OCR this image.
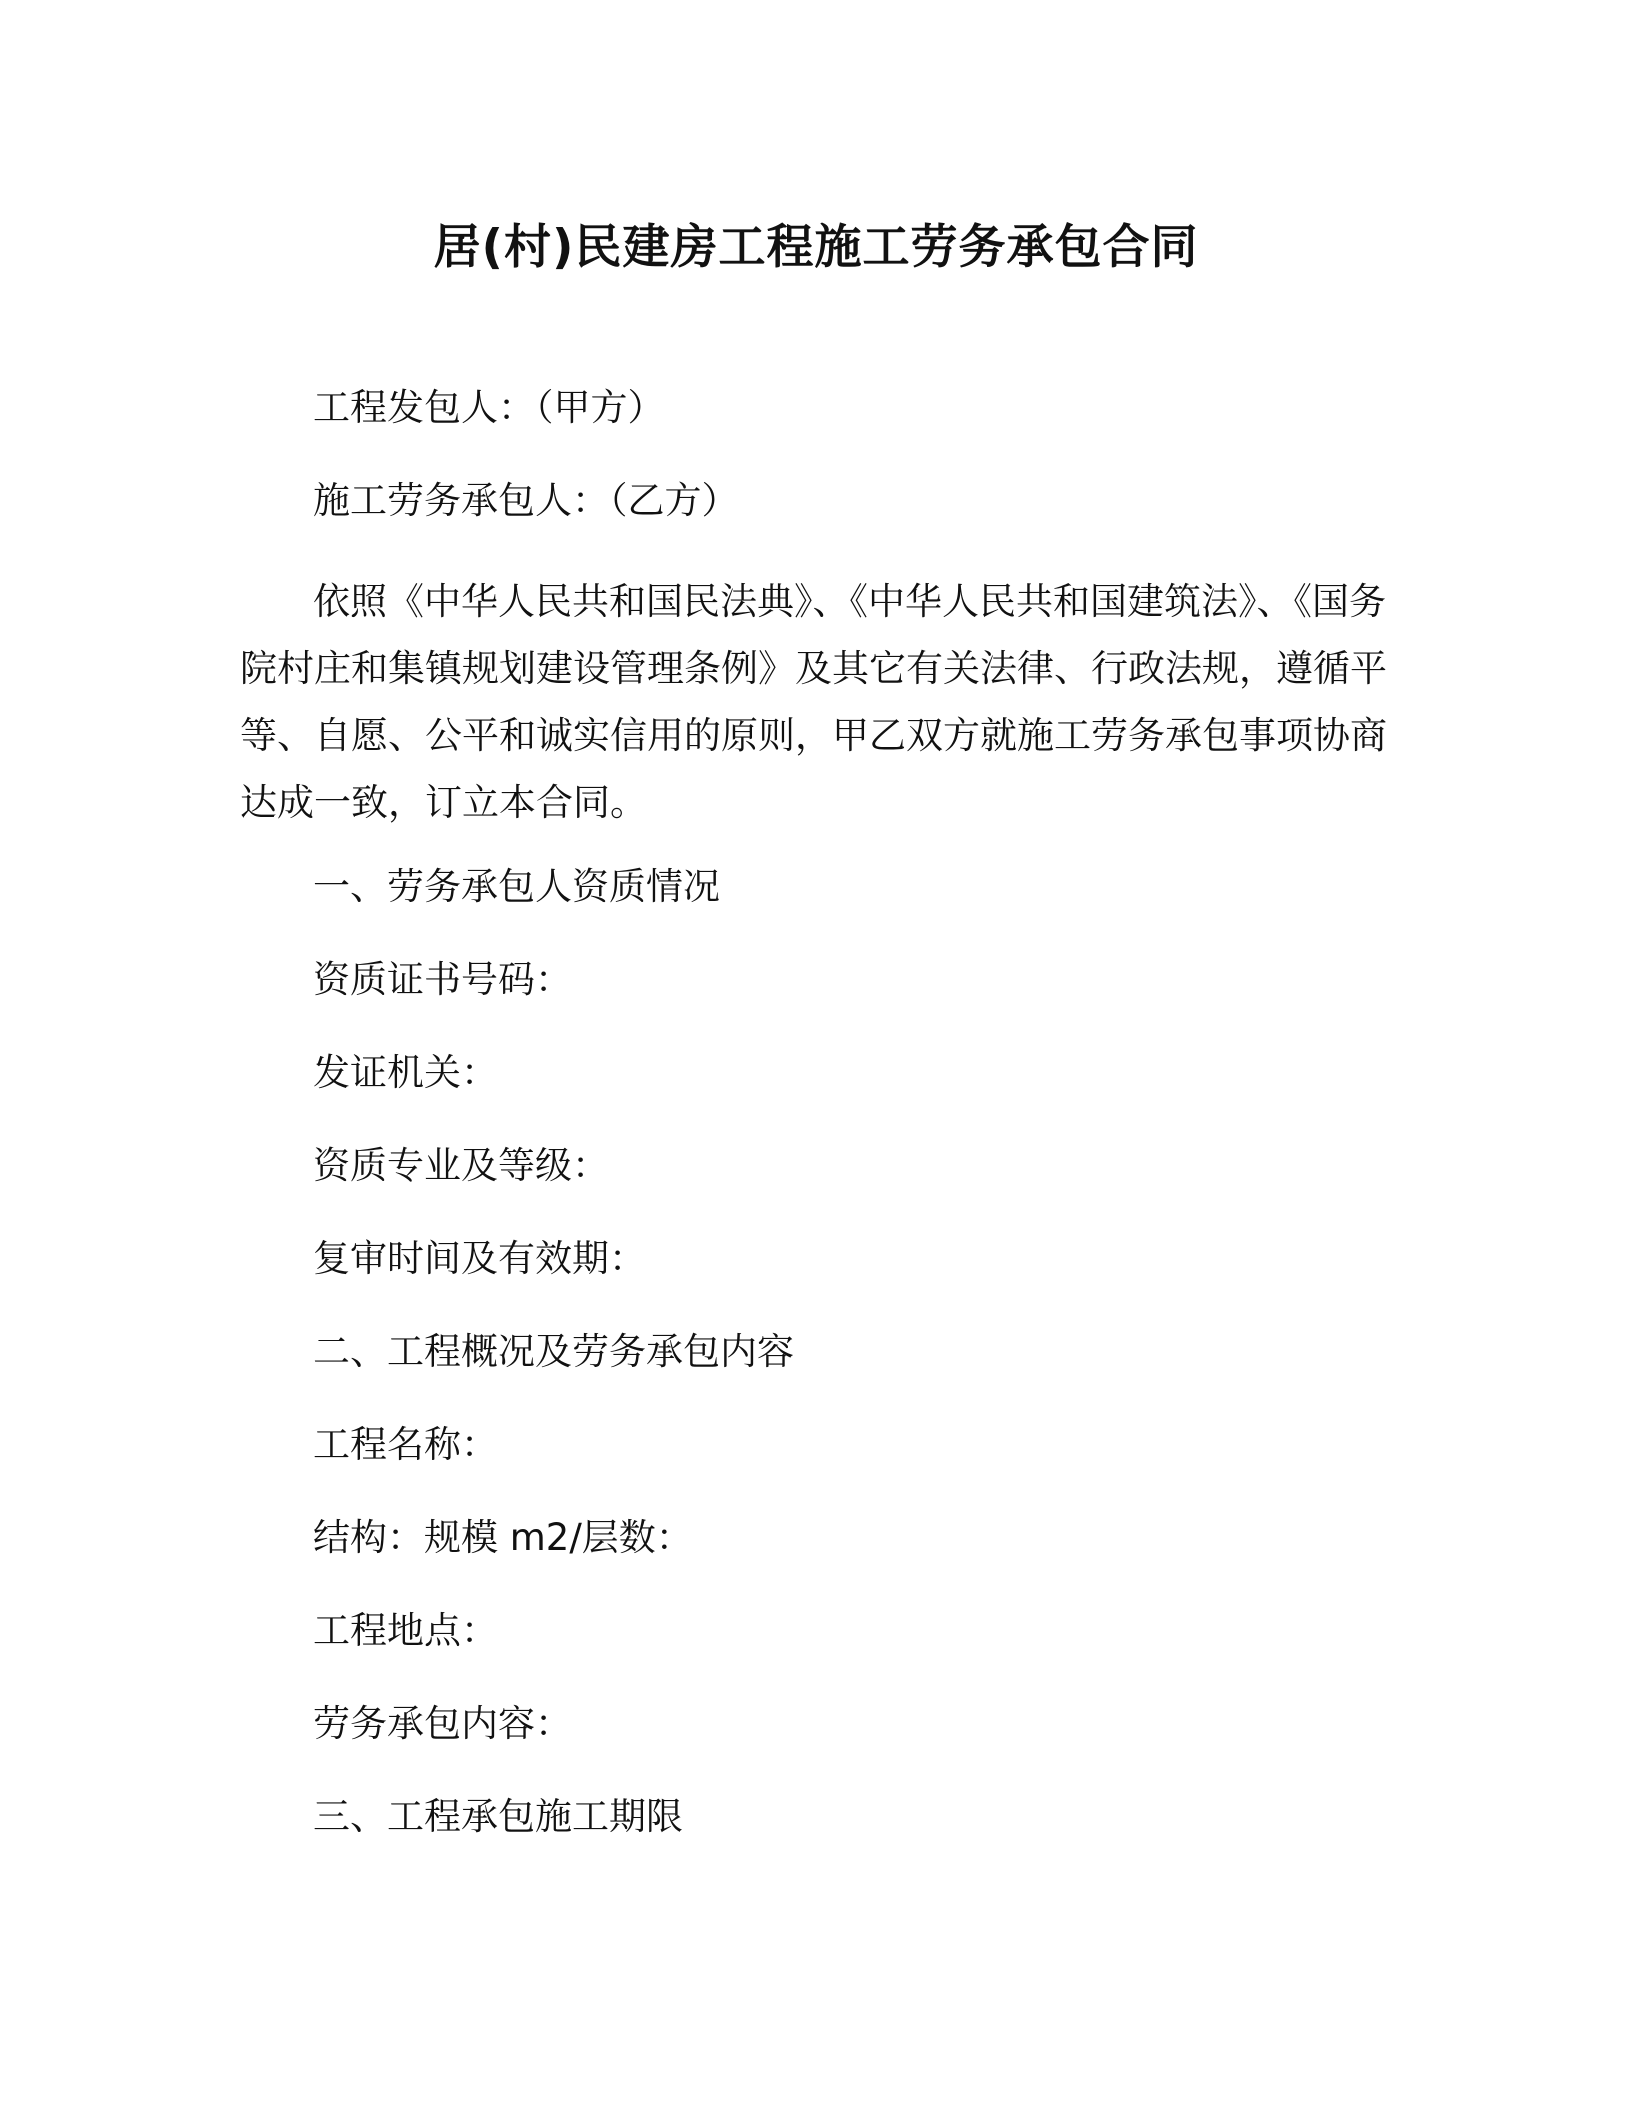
居(村)民建房工程施工劳务承包合同
工程发包人：（甲方）
施工劳务承包人：（乙方）
依照《中华人民共和国民法典》、《中华人民共和国建筑法》、《国务院村庄和集镇规划建设管理条例》及其它有关法律、行政法规，遵循平等、自愿、公平和诚实信用的原则，甲乙双方就施工劳务承包事项协商达成一致，订立本合同。
一、劳务承包人资质情况
资质证书号码：
发证机关：
资质专业及等级：
复审时间及有效期：
二、工程概况及劳务承包内容
工程名称：
结构：规模 m2/层数：
工程地点：
劳务承包内容：
三、工程承包施工期限
